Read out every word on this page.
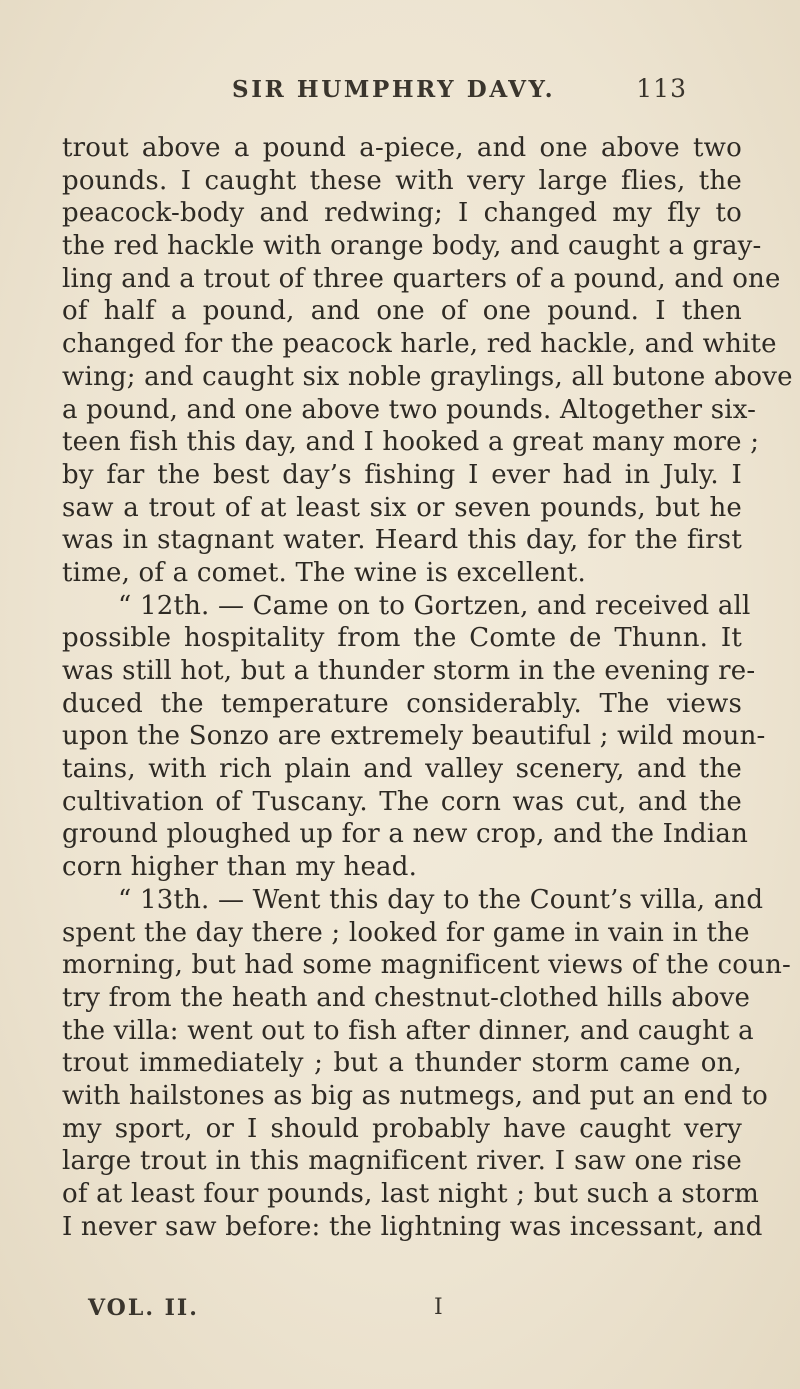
SIR HUMPHRY DAVY.	113
trout above a pound a-piece, and one above two
pounds. I caught these with very large flies, the
peacock-body and redwing; I changed my fly to
the red hackle with orange body, and caught a gray-
ling and a trout of three quarters of a pound, and one
of half a pound, and one of one pound. I then
changed for the peacock harle, red hackle, and white
wing; and caught six noble graylings, all butone above
a pound, and one above two pounds. Altogether six-
teen fish this day, and I hooked a great many more ;
by far the best day’s fishing I ever had in July. I
saw a trout of at least six or seven pounds, but he
was in stagnant water. Heard this day, for the first
time, of a comet. The wine is excellent.
“ 12th. — Came on to Gortzen, and received all
possible hospitality from the Comte de Thunn. It
was still hot, but a thunder storm in the evening re-
duced the temperature considerably. The views
upon the Sonzo are extremely beautiful ; wild moun-
tains, with rich plain and valley scenery, and the
cultivation of Tuscany. The corn was cut, and the
ground ploughed up for a new crop, and the Indian
corn higher than my head.
“ 13th. — Went this day to the Count’s villa, and
spent the day there ; looked for game in vain in the
morning, but had some magnificent views of the coun-
try from the heath and chestnut-clothed hills above
the villa: went out to fish after dinner, and caught a
trout immediately ; but a thunder storm came on,
with hailstones as big as nutmegs, and put an end to
my sport, or I should probably have caught very
large trout in this magnificent river. I saw one rise
of at least four pounds, last night ; but such a storm
I never saw before: the lightning was incessant, and
VOL. II.	I
